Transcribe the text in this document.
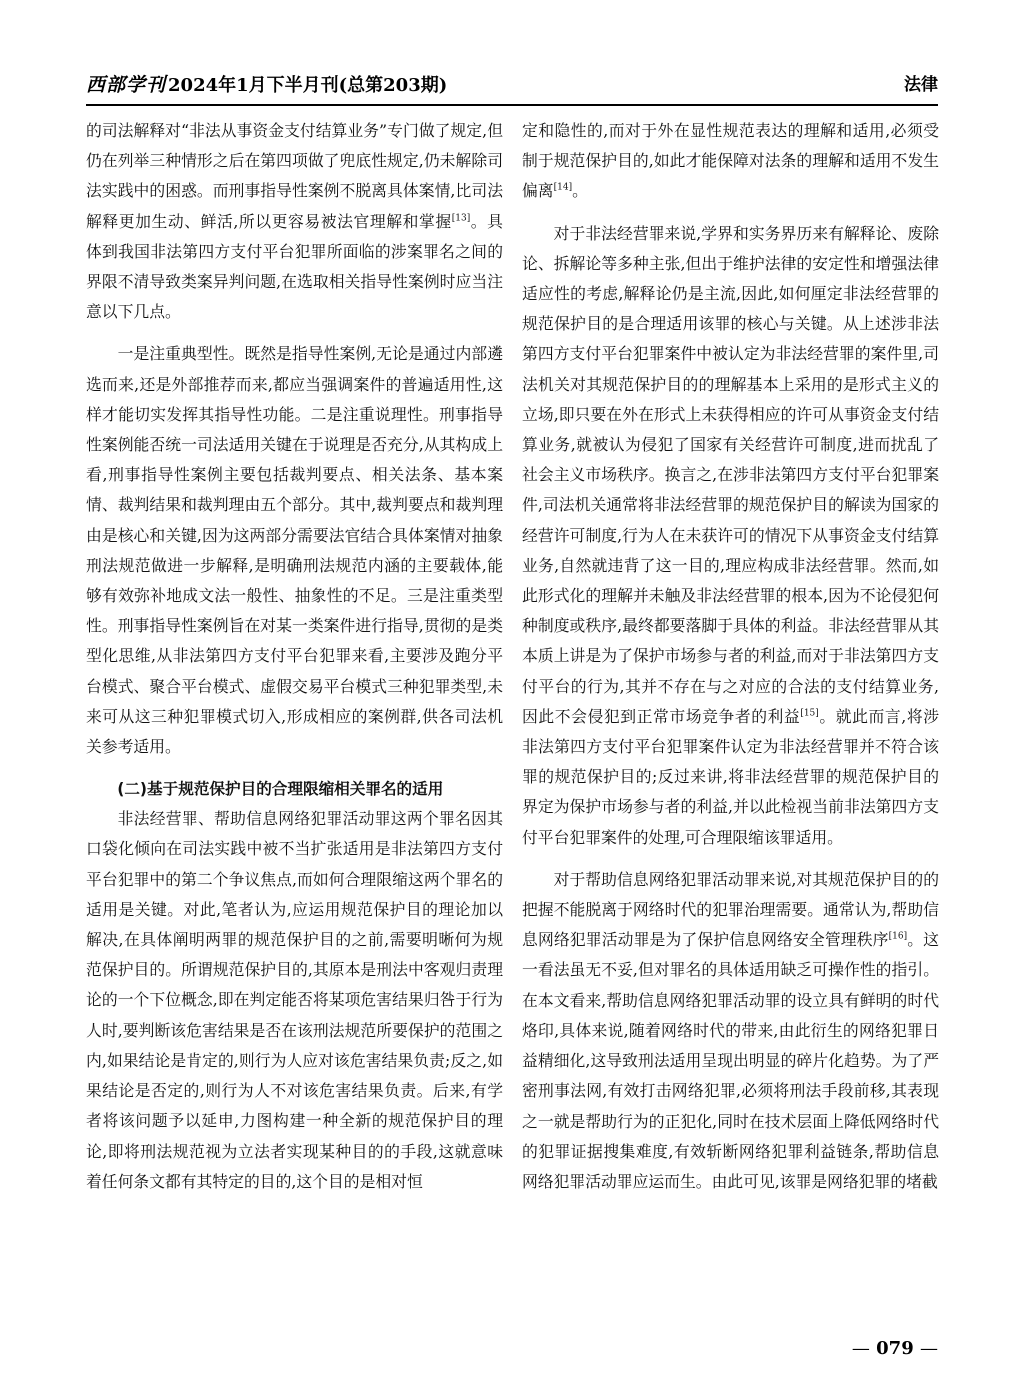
西部学刊 2024年1月下半月刊(总第203期)	法律

的司法解释对“非法从事资金支付结算业务”专门做了规定,但仍在列举三种情形之后在第四项做了兜底性规定,仍未解除司法实践中的困惑。而刑事指导性案例不脱离具体案情,比司法解释更加生动、鲜活,所以更容易被法官理解和掌握[13]。具体到我国非法第四方支付平台犯罪所面临的涉案罪名之间的界限不清导致类案异判问题,在选取相关指导性案例时应当注意以下几点。

一是注重典型性。既然是指导性案例,无论是通过内部遴选而来,还是外部推荐而来,都应当强调案件的普遍适用性,这样才能切实发挥其指导性功能。二是注重说理性。刑事指导性案例能否统一司法适用关键在于说理是否充分,从其构成上看,刑事指导性案例主要包括裁判要点、相关法条、基本案情、裁判结果和裁判理由五个部分。其中,裁判要点和裁判理由是核心和关键,因为这两部分需要法官结合具体案情对抽象刑法规范做进一步解释,是明确刑法规范内涵的主要载体,能够有效弥补地成文法一般性、抽象性的不足。三是注重类型性。刑事指导性案例旨在对某一类案件进行指导,贯彻的是类型化思维,从非法第四方支付平台犯罪来看,主要涉及跑分平台模式、聚合平台模式、虚假交易平台模式三种犯罪类型,未来可从这三种犯罪模式切入,形成相应的案例群,供各司法机关参考适用。

(二)基于规范保护目的合理限缩相关罪名的适用

非法经营罪、帮助信息网络犯罪活动罪这两个罪名因其口袋化倾向在司法实践中被不当扩张适用是非法第四方支付平台犯罪中的第二个争议焦点,而如何合理限缩这两个罪名的适用是关键。对此,笔者认为,应运用规范保护目的理论加以解决,在具体阐明两罪的规范保护目的之前,需要明晰何为规范保护目的。所谓规范保护目的,其原本是刑法中客观归责理论的一个下位概念,即在判定能否将某项危害结果归咎于行为人时,要判断该危害结果是否在该刑法规范所要保护的范围之内,如果结论是肯定的,则行为人应对该危害结果负责;反之,如果结论是否定的,则行为人不对该危害结果负责。后来,有学者将该问题予以延申,力图构建一种全新的规范保护目的理论,即将刑法规范视为立法者实现某种目的的手段,这就意味着任何条文都有其特定的目的,这个目的是相对恒

定和隐性的,而对于外在显性规范表达的理解和适用,必须受制于规范保护目的,如此才能保障对法条的理解和适用不发生偏离[14]。

对于非法经营罪来说,学界和实务界历来有解释论、废除论、拆解论等多种主张,但出于维护法律的安定性和增强法律适应性的考虑,解释论仍是主流,因此,如何厘定非法经营罪的规范保护目的是合理适用该罪的核心与关键。从上述涉非法第四方支付平台犯罪案件中被认定为非法经营罪的案件里,司法机关对其规范保护目的的理解基本上采用的是形式主义的立场,即只要在外在形式上未获得相应的许可从事资金支付结算业务,就被认为侵犯了国家有关经营许可制度,进而扰乱了社会主义市场秩序。换言之,在涉非法第四方支付平台犯罪案件,司法机关通常将非法经营罪的规范保护目的解读为国家的经营许可制度,行为人在未获许可的情况下从事资金支付结算业务,自然就违背了这一目的,理应构成非法经营罪。然而,如此形式化的理解并未触及非法经营罪的根本,因为不论侵犯何种制度或秩序,最终都要落脚于具体的利益。非法经营罪从其本质上讲是为了保护市场参与者的利益,而对于非法第四方支付平台的行为,其并不存在与之对应的合法的支付结算业务,因此不会侵犯到正常市场竞争者的利益[15]。就此而言,将涉非法第四方支付平台犯罪案件认定为非法经营罪并不符合该罪的规范保护目的;反过来讲,将非法经营罪的规范保护目的界定为保护市场参与者的利益,并以此检视当前非法第四方支付平台犯罪案件的处理,可合理限缩该罪适用。

对于帮助信息网络犯罪活动罪来说,对其规范保护目的的把握不能脱离于网络时代的犯罪治理需要。通常认为,帮助信息网络犯罪活动罪是为了保护信息网络安全管理秩序[16]。这一看法虽无不妥,但对罪名的具体适用缺乏可操作性的指引。在本文看来,帮助信息网络犯罪活动罪的设立具有鲜明的时代烙印,具体来说,随着网络时代的带来,由此衍生的网络犯罪日益精细化,这导致刑法适用呈现出明显的碎片化趋势。为了严密刑事法网,有效打击网络犯罪,必须将刑法手段前移,其表现之一就是帮助行为的正犯化,同时在技术层面上降低网络时代的犯罪证据搜集难度,有效斩断网络犯罪利益链条,帮助信息网络犯罪活动罪应运而生。由此可见,该罪是网络犯罪的堵截

— 079 —
